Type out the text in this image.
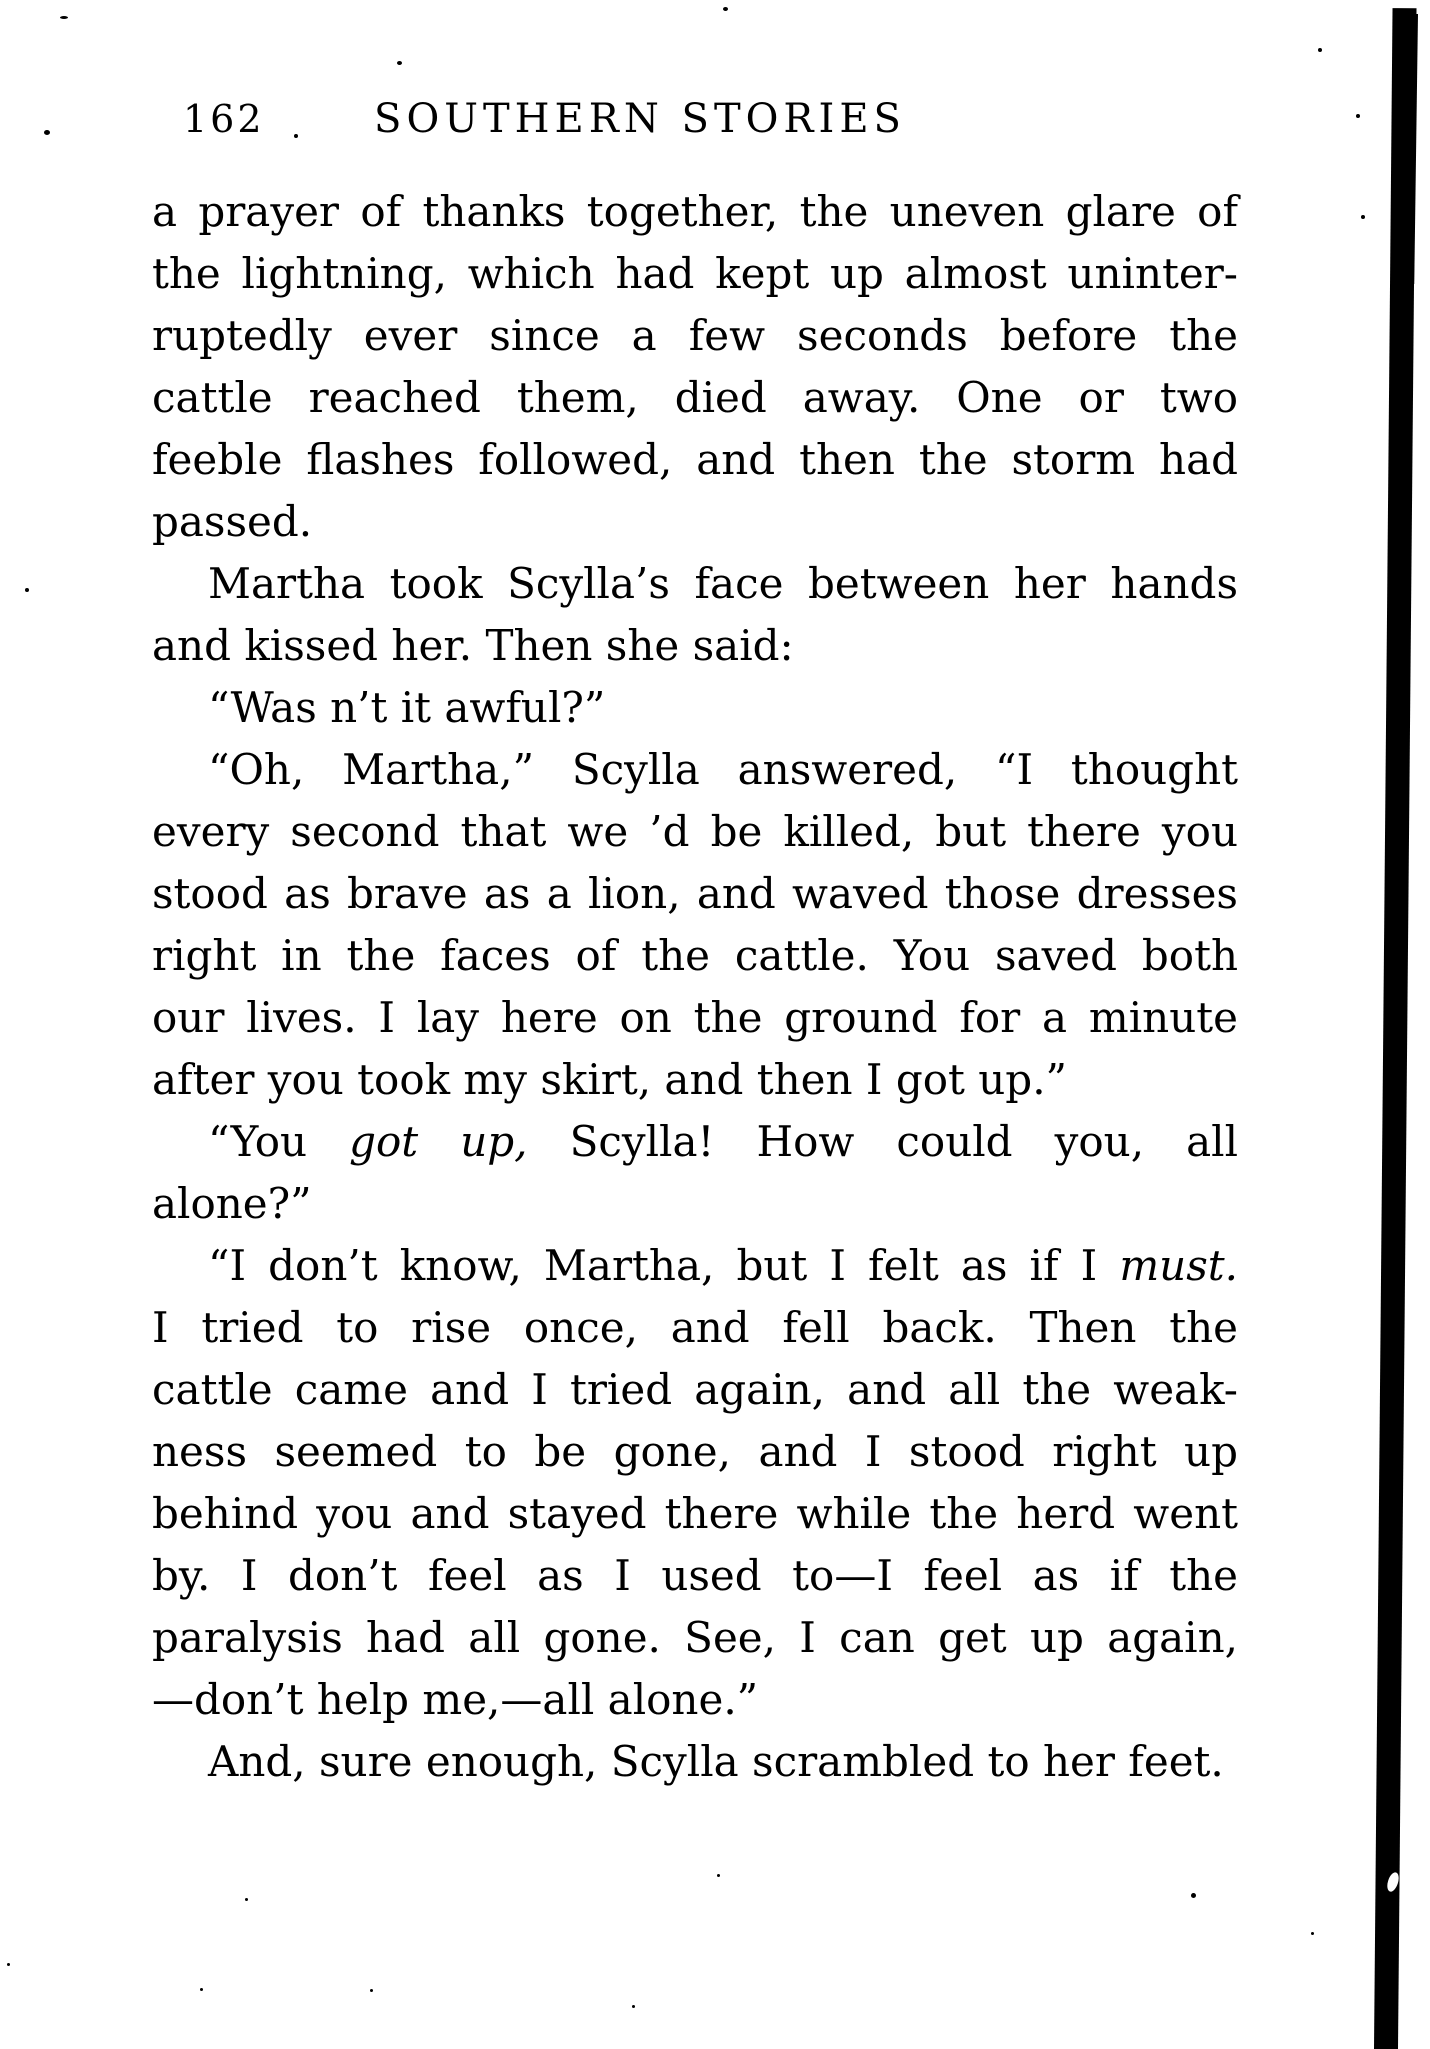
162	SOUTHERN STORIES
a prayer of thanks together, the uneven glare of
the lightning, which had kept up almost uninter-
ruptedly ever since a few seconds before the
cattle reached them, died away. One or two
feeble flashes followed, and then the storm had
passed.
Martha took Scylla’s face between her hands
and kissed her. Then she said:
“Was n’t it awful?”
“Oh, Martha,” Scylla answered, “I thought
every second that we ’d be killed, but there you
stood as brave as a lion, and waved those dresses
right in the faces of the cattle. You saved both
our lives. I lay here on the ground for a minute
after you took my skirt, and then I got up.”
“You got up, Scylla! How could you, all
alone?”
“I don’t know, Martha, but I felt as if I must.
I tried to rise once, and fell back. Then the
cattle came and I tried again, and all the weak-
ness seemed to be gone, and I stood right up
behind you and stayed there while the herd went
by. I don’t feel as I used to—I feel as if the
paralysis had all gone. See, I can get up again,
—don’t help me,—all alone.”
And, sure enough, Scylla scrambled to her feet.
